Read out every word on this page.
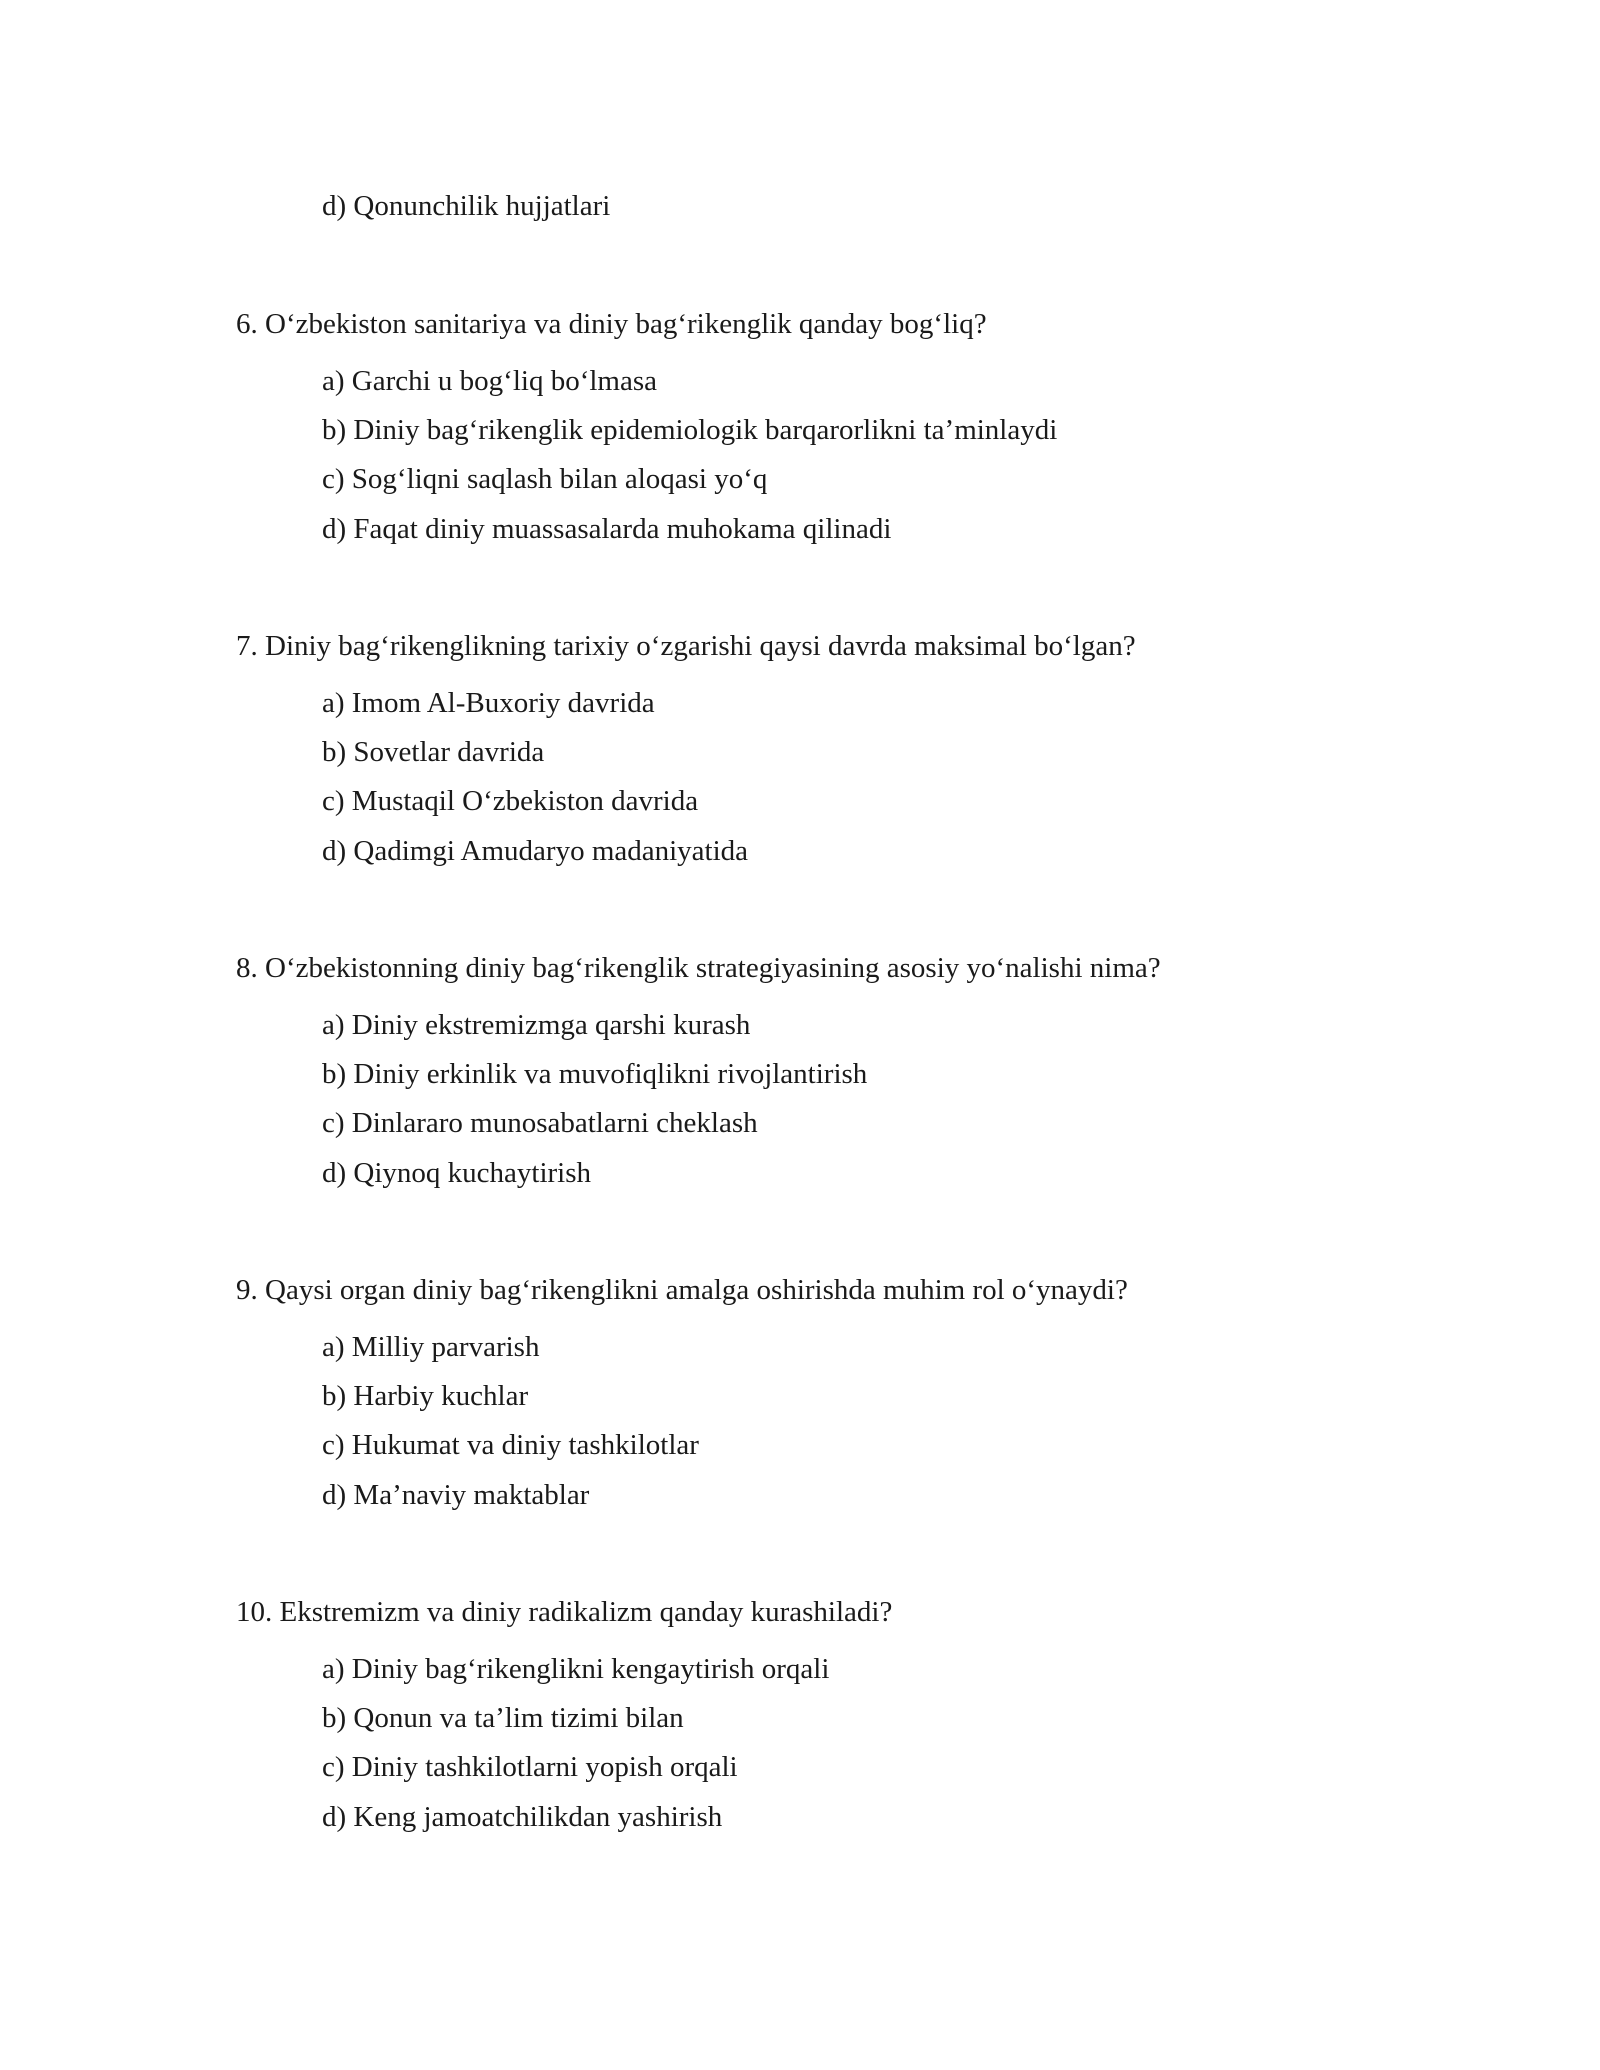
d) Qonunchilik hujjatlari
6. O‘zbekiston sanitariya va diniy bag‘rikenglik qanday bog‘liq?
a) Garchi u bog‘liq bo‘lmasa
b) Diniy bag‘rikenglik epidemiologik barqarorlikni ta’minlaydi
c) Sog‘liqni saqlash bilan aloqasi yo‘q
d) Faqat diniy muassasalarda muhokama qilinadi
7. Diniy bag‘rikenglikning tarixiy o‘zgarishi qaysi davrda maksimal bo‘lgan?
a) Imom Al-Buxoriy davrida
b) Sovetlar davrida
c) Mustaqil O‘zbekiston davrida
d) Qadimgi Amudaryo madaniyatida
8. O‘zbekistonning diniy bag‘rikenglik strategiyasining asosiy yo‘nalishi nima?
a) Diniy ekstremizmga qarshi kurash
b) Diniy erkinlik va muvofiqlikni rivojlantirish
c) Dinlararo munosabatlarni cheklash
d) Qiynoq kuchaytirish
9. Qaysi organ diniy bag‘rikenglikni amalga oshirishda muhim rol o‘ynaydi?
a) Milliy parvarish
b) Harbiy kuchlar
c) Hukumat va diniy tashkilotlar
d) Ma’naviy maktablar
10. Ekstremizm va diniy radikalizm qanday kurashiladi?
a) Diniy bag‘rikenglikni kengaytirish orqali
b) Qonun va ta’lim tizimi bilan
c) Diniy tashkilotlarni yopish orqali
d) Keng jamoatchilikdan yashirish
